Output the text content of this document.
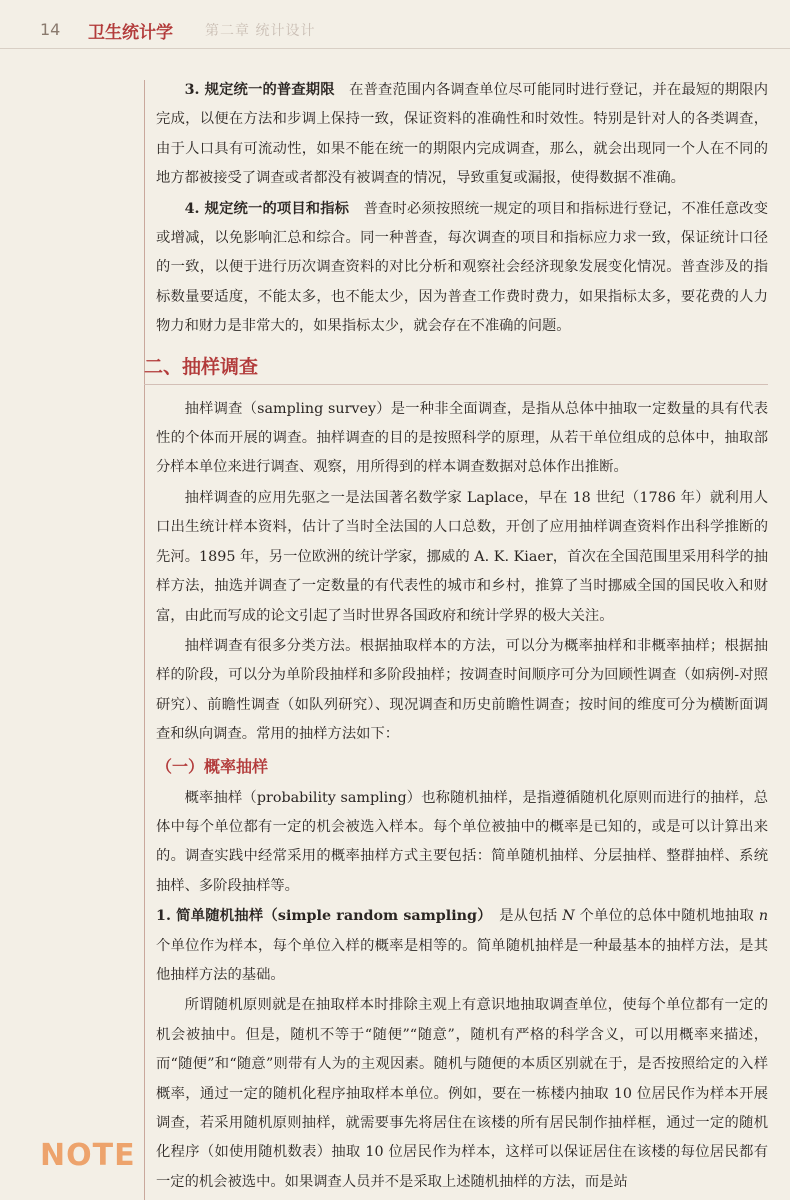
14 卫生统计学 第二章 统计设计
NOTE

3. 规定统一的普查期限　 在普查范围内各调查单位尽可能同时进行登记，并在最短的期限内完成，以便在方法和步调上保持一致，保证资料的准确性和时效性。特别是针对人的各类调查，由于人口具有可流动性，如果不能在统一的期限内完成调查，那么，就会出现同一个人在不同的地方都被接受了调查或者都没有被调查的情况，导致重复或漏报，使得数据不准确。

4. 规定统一的项目和指标　 普查时必须按照统一规定的项目和指标进行登记，不准任意改变或增减，以免影响汇总和综合。同一种普查，每次调查的项目和指标应力求一致，保证统计口径的一致，以便于进行历次调查资料的对比分析和观察社会经济现象发展变化情况。普查涉及的指标数量要适度，不能太多，也不能太少，因为普查工作费时费力，如果指标太多，要花费的人力物力和财力是非常大的，如果指标太少，就会存在不准确的问题。

二、抽样调查

抽样调查（sampling survey）是一种非全面调查，是指从总体中抽取一定数量的具有代表性的个体而开展的调查。抽样调查的目的是按照科学的原理，从若干单位组成的总体中，抽取部分样本单位来进行调查、观察，用所得到的样本调查数据对总体作出推断。

抽样调查的应用先驱之一是法国著名数学家 Laplace，早在 18 世纪（1786 年）就利用人口出生统计样本资料，估计了当时全法国的人口总数，开创了应用抽样调查资料作出科学推断的先河。1895 年，另一位欧洲的统计学家，挪威的 A. K. Kiaer，首次在全国范围里采用科学的抽样方法，抽选并调查了一定数量的有代表性的城市和乡村，推算了当时挪威全国的国民收入和财富，由此而写成的论文引起了当时世界各国政府和统计学界的极大关注。

抽样调查有很多分类方法。根据抽取样本的方法，可以分为概率抽样和非概率抽样；根据抽样的阶段，可以分为单阶段抽样和多阶段抽样；按调查时间顺序可分为回顾性调查（如病例-对照研究）、前瞻性调查（如队列研究）、现况调查和历史前瞻性调查；按时间的维度可分为横断面调查和纵向调查。常用的抽样方法如下：

（一）概率抽样

概率抽样（probability sampling）也称随机抽样，是指遵循随机化原则而进行的抽样，总体中每个单位都有一定的机会被选入样本。每个单位被抽中的概率是已知的，或是可以计算出来的。调查实践中经常采用的概率抽样方式主要包括：简单随机抽样、分层抽样、整群抽样、系统抽样、多阶段抽样等。

1. 简单随机抽样（simple random sampling）　 是从包括 N 个单位的总体中随机地抽取 n 个单位作为样本，每个单位入样的概率是相等的。简单随机抽样是一种最基本的抽样方法，是其他抽样方法的基础。

所谓随机原则就是在抽取样本时排除主观上有意识地抽取调查单位，使每个单位都有一定的机会被抽中。但是，随机不等于“随便”“随意”，随机有严格的科学含义，可以用概率来描述，而“随便”和“随意”则带有人为的主观因素。随机与随便的本质区别就在于，是否按照给定的入样概率，通过一定的随机化程序抽取样本单位。例如，要在一栋楼内抽取 10 位居民作为样本开展调查，若采用随机原则抽样，就需要事先将居住在该楼的所有居民制作抽样框，通过一定的随机化程序（如使用随机数表）抽取 10 位居民作为样本，这样可以保证居住在该楼的每位居民都有一定的机会被选中。如果调查人员并不是采取上述随机抽样的方法，而是站
